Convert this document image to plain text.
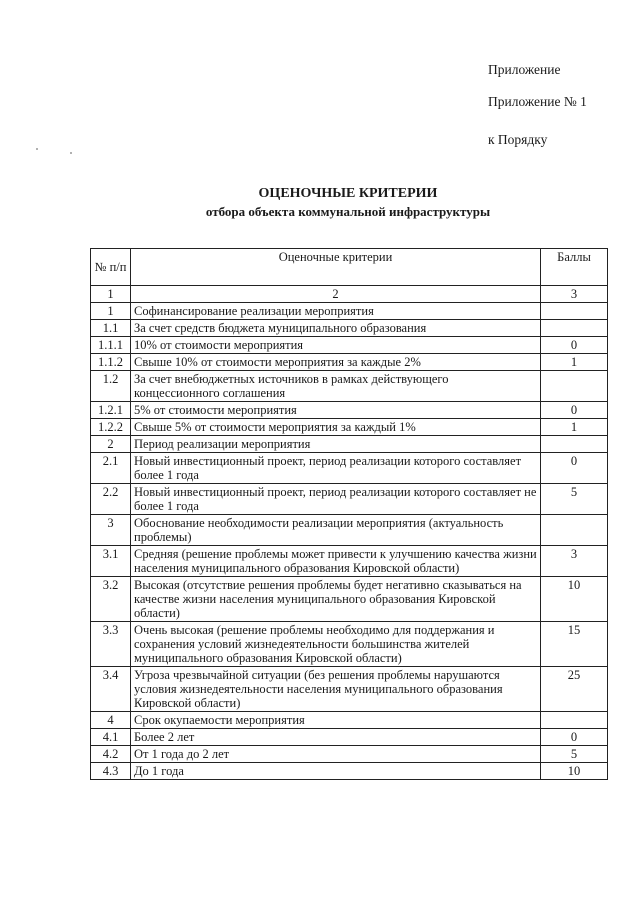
Приложение
Приложение № 1
к Порядку
ОЦЕНОЧНЫЕ КРИТЕРИИ
отбора объекта коммунальной инфраструктуры
№ п/п	Оценочные критерии	Баллы
1	2	3
1	Софинансирование реализации мероприятия	
1.1	За счет средств бюджета муниципального образования	
1.1.1	10% от стоимости мероприятия	0
1.1.2	Свыше 10% от стоимости мероприятия за каждые 2%	1
1.2	За счет внебюджетных источников в рамках действующего концессионного соглашения	
1.2.1	5% от стоимости мероприятия	0
1.2.2	Свыше 5% от стоимости мероприятия за каждый 1%	1
2	Период реализации мероприятия	
2.1	Новый инвестиционный проект, период реализации которого составляет более 1 года	0
2.2	Новый инвестиционный проект, период реализации которого составляет не более 1 года	5
3	Обоснование необходимости реализации мероприятия (актуальность проблемы)	
3.1	Средняя (решение проблемы может привести к улучшению качества жизни населения муниципального образования Кировской области)	3
3.2	Высокая (отсутствие решения проблемы будет негативно сказываться на качестве жизни населения муниципального образования Кировской области)	10
3.3	Очень высокая (решение проблемы необходимо для поддержания и сохранения условий жизнедеятельности большинства жителей муниципального образования Кировской области)	15
3.4	Угроза чрезвычайной ситуации (без решения проблемы нарушаются условия жизнедеятельности населения муниципального образования Кировской области)	25
4	Срок окупаемости мероприятия	
4.1	Более 2 лет	0
4.2	От 1 года до 2 лет	5
4.3	До 1 года	10
